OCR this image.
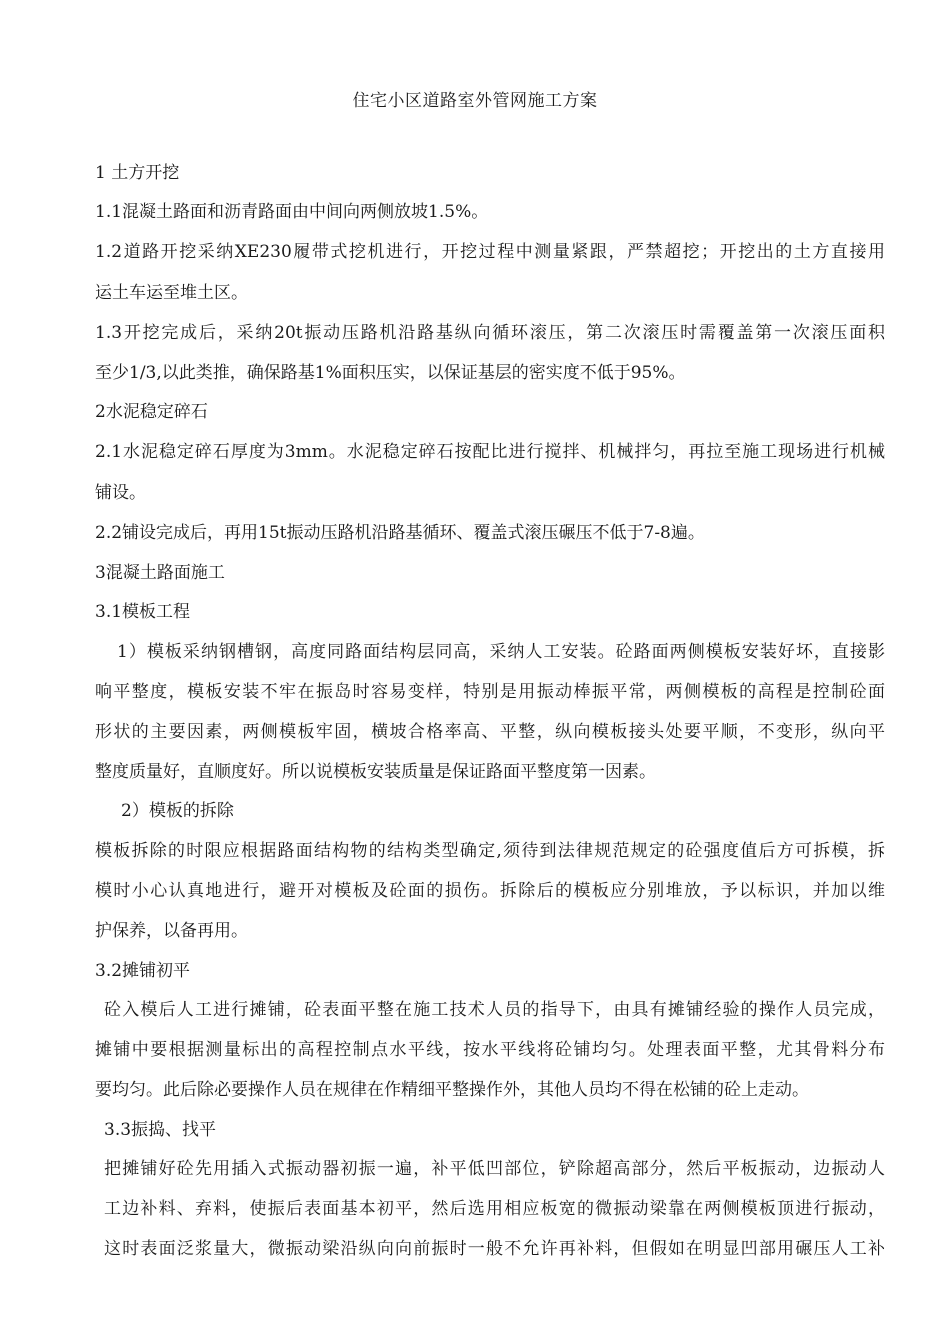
住宅小区道路室外管网施工方案
1 土方开挖
1.1混凝土路面和沥青路面由中间向两侧放坡1.5%。
1.2道路开挖采纳XE230履带式挖机进行，开挖过程中测量紧跟，严禁超挖；开挖出的土方直接用
运土车运至堆土区。
1.3开挖完成后，采纳20t振动压路机沿路基纵向循环滚压，第二次滚压时需覆盖第一次滚压面积
至少1/3,以此类推，确保路基1%面积压实，以保证基层的密实度不低于95%。
2水泥稳定碎石
2.1水泥稳定碎石厚度为3mm。水泥稳定碎石按配比进行搅拌、机械拌匀，再拉至施工现场进行机械
铺设。
2.2铺设完成后，再用15t振动压路机沿路基循环、覆盖式滚压碾压不低于7-8遍。
3混凝土路面施工
3.1模板工程
1）模板采纳钢槽钢，高度同路面结构层同高，采纳人工安装。砼路面两侧模板安装好坏，直接影
响平整度，模板安装不牢在振岛时容易变样，特别是用振动棒振平常，两侧模板的高程是控制砼面
形状的主要因素，两侧模板牢固，横坡合格率高、平整，纵向模板接头处要平顺，不变形，纵向平
整度质量好，直顺度好。所以说模板安装质量是保证路面平整度第一因素。
2）模板的拆除
模板拆除的时限应根据路面结构物的结构类型确定,须待到法律规范规定的砼强度值后方可拆模，拆
模时小心认真地进行，避开对模板及砼面的损伤。拆除后的模板应分别堆放，予以标识，并加以维
护保养，以备再用。
3.2摊铺初平
砼入模后人工进行摊铺，砼表面平整在施工技术人员的指导下，由具有摊铺经验的操作人员完成，
摊铺中要根据测量标出的高程控制点水平线，按水平线将砼铺均匀。处理表面平整，尤其骨料分布
要均匀。此后除必要操作人员在规律在作精细平整操作外，其他人员均不得在松铺的砼上走动。
3.3振捣、找平
把摊铺好砼先用插入式振动器初振一遍，补平低凹部位，铲除超高部分，然后平板振动，边振动人
工边补料、弃料，使振后表面基本初平，然后选用相应板宽的微振动梁靠在两侧模板顶进行振动，
这时表面泛浆量大，微振动梁沿纵向向前振时一般不允许再补料，但假如在明显凹部用碾压人工补
